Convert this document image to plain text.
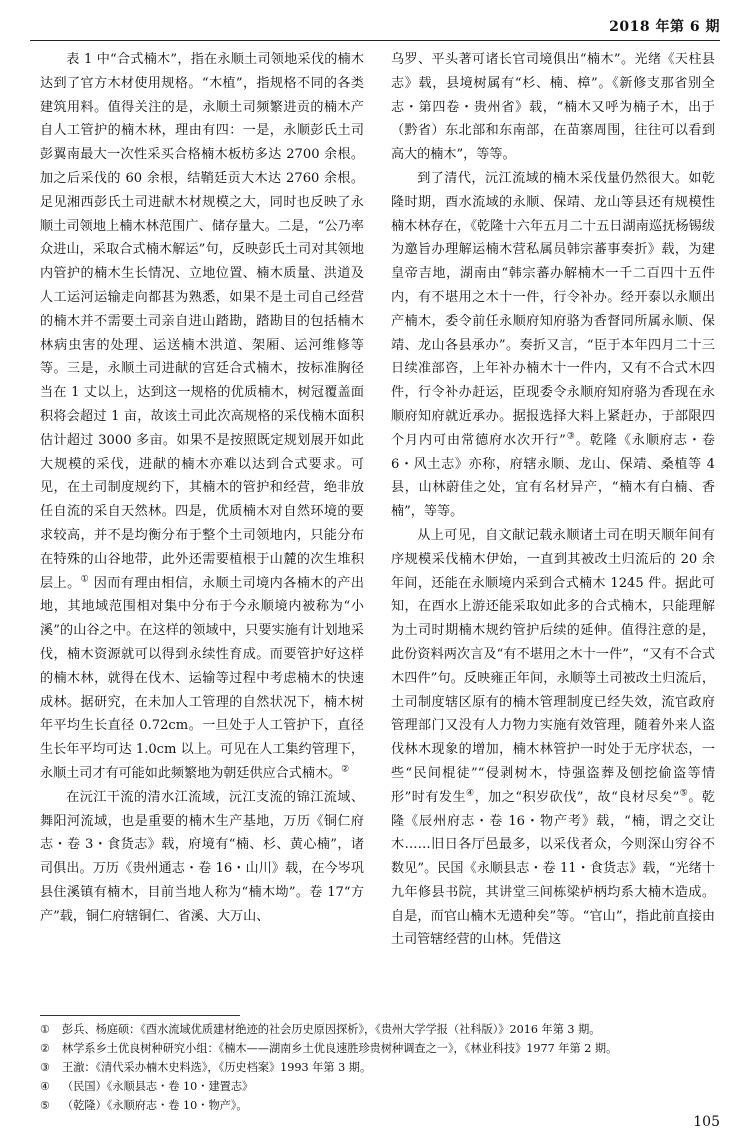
2018 年第 6 期

表 1 中“合式楠木”，指在永顺土司领地采伐的楠木达到了官方木材使用规格。“木植”，指规格不同的各类建筑用料。值得关注的是，永顺土司频繁进贡的楠木产自人工管护的楠木林，理由有四：一是，永顺彭氏土司彭翼南最大一次性采买合格楠木板枋多达 2700 余根。加之后采伐的 60 余根，结鞘廷贡大木达 2760 余根。足见湘西彭氏土司进献木材规模之大，同时也反映了永顺土司领地上楠木林范围广、储存量大。二是，“公乃率众进山，采取合式楠木解运”句，反映彭氏土司对其领地内管护的楠木生长情况、立地位置、楠木质量、洪道及人工运河运输走向都甚为熟悉，如果不是土司自己经营的楠木并不需要土司亲自进山踏勘，踏勘目的包括楠木林病虫害的处理、运送楠木洪道、架厢、运河维修等等。三是，永顺土司进献的宫廷合式楠木，按标准胸径当在 1 丈以上，达到这一规格的优质楠木，树冠覆盖面积将会超过 1 亩，故该土司此次高规格的采伐楠木面积估计超过 3000 多亩。如果不是按照既定规划展开如此大规模的采伐，进献的楠木亦难以达到合式要求。可见，在土司制度规约下，其楠木的管护和经营，绝非放任自流的采自天然林。四是，优质楠木对自然环境的要求较高，并不是均衡分布于整个土司领地内，只能分布在特殊的山谷地带，此外还需要植根于山麓的次生堆积层上。① 因而有理由相信，永顺土司境内各楠木的产出地，其地域范围相对集中分布于今永顺境内被称为“小溪”的山谷之中。在这样的领域中，只要实施有计划地采伐，楠木资源就可以得到永续性育成。而要管护好这样的楠木林，就得在伐木、运输等过程中考虑楠木的快速成林。据研究，在未加人工管理的自然状况下，楠木树年平均生长直径 0.72cm。一旦处于人工管护下，直径生长年平均可达 1.0cm 以上。可见在人工集约管理下，永顺土司才有可能如此频繁地为朝廷供应合式楠木。②

在沅江干流的清水江流域，沅江支流的锦江流域、舞阳河流域，也是重要的楠木生产基地，万历《铜仁府志・卷 3・食货志》载，府境有“楠、杉、黄心楠”，诸司俱出。万历《贵州通志・卷 16・山川》载，在今岑巩县住溪镇有楠木，目前当地人称为“楠木坳”。卷 17“方产”载，铜仁府辖铜仁、省溪、大万山、

乌罗、平头著可诸长官司境俱出“楠木”。光绪《天柱县志》载，县境树属有“杉、楠、樟”。《新修支那省别全志・第四卷・贵州省》载，“楠木又呼为楠子木，出于（黔省）东北部和东南部，在苗寨周围，往往可以看到高大的楠木”，等等。

到了清代，沅江流域的楠木采伐量仍然很大。如乾隆时期，酉水流域的永顺、保靖、龙山等县还有规模性楠木林存在，《乾隆十六年五月二十五日湖南巡抚杨锡绂为邀旨办理解运楠木营私属员韩宗蕃事奏折》载，为建皇帝吉地，湖南由“韩宗蕃办解楠木一千二百四十五件内，有不堪用之木十一件，行令补办。经开泰以永顺出产楠木，委令前任永顺府知府骆为香督同所属永顺、保靖、龙山各县承办”。奏折又言，“臣于本年四月二十三日续准部咨，上年补办楠木十一件内，又有不合式木四件，行令补办赶运，臣现委令永顺府知府骆为香现在永顺府知府就近承办。据报选择大料上紧赶办，于部限四个月内可由常德府水次开行”③。乾隆《永顺府志・卷 6・风土志》亦称，府辖永顺、龙山、保靖、桑植等 4 县，山林蔚佳之处，宜有名材异产，“楠木有白楠、香楠”，等等。

从上可见，自文献记载永顺诸土司在明天顺年间有序规模采伐楠木伊始，一直到其被改土归流后的 20 余年间，还能在永顺境内采到合式楠木 1245 件。据此可知，在酉水上游还能采取如此多的合式楠木，只能理解为土司时期楠木规约管护后续的延伸。值得注意的是，此份资料两次言及“有不堪用之木十一件”，“又有不合式木四件”句。反映雍正年间，永顺等土司被改土归流后，土司制度辖区原有的楠木管理制度已经失效，流官政府管理部门又没有人力物力实施有效管理，随着外来人盗伐林木现象的增加，楠木林管护一时处于无序状态，一些“民间棍徒”“侵剥树木，恃强盗葬及刨挖偷盗等情形”时有发生④，加之“积岁砍伐”，故“良材尽矣”⑤。乾隆《辰州府志・卷 16・物产考》载，“楠，谓之交让木……旧日各厅邑最多，以采伐者众，今则深山穷谷不数见”。民国《永顺县志・卷 11・食货志》载，“光绪十九年修县书院，其讲堂三间栋梁栌柄均系大楠木造成。自是，而官山楠木无遗种矣”等。“官山”，指此前直接由土司管辖经营的山林。凭借这

① 彭兵、杨庭硕：《酉水流域优质建材绝迹的社会历史原因探析》，《贵州大学学报（社科版）》2016 年第 3 期。
② 林学系乡土优良树种研究小组：《楠木——湖南乡土优良速胜珍贵树种调查之一》，《林业科技》1977 年第 2 期。
③ 王澈：《清代采办楠木史料选》，《历史档案》1993 年第 3 期。
④ （民国）《永顺县志・卷 10・建置志》
⑤ （乾隆）《永顺府志・卷 10・物产》。
105
